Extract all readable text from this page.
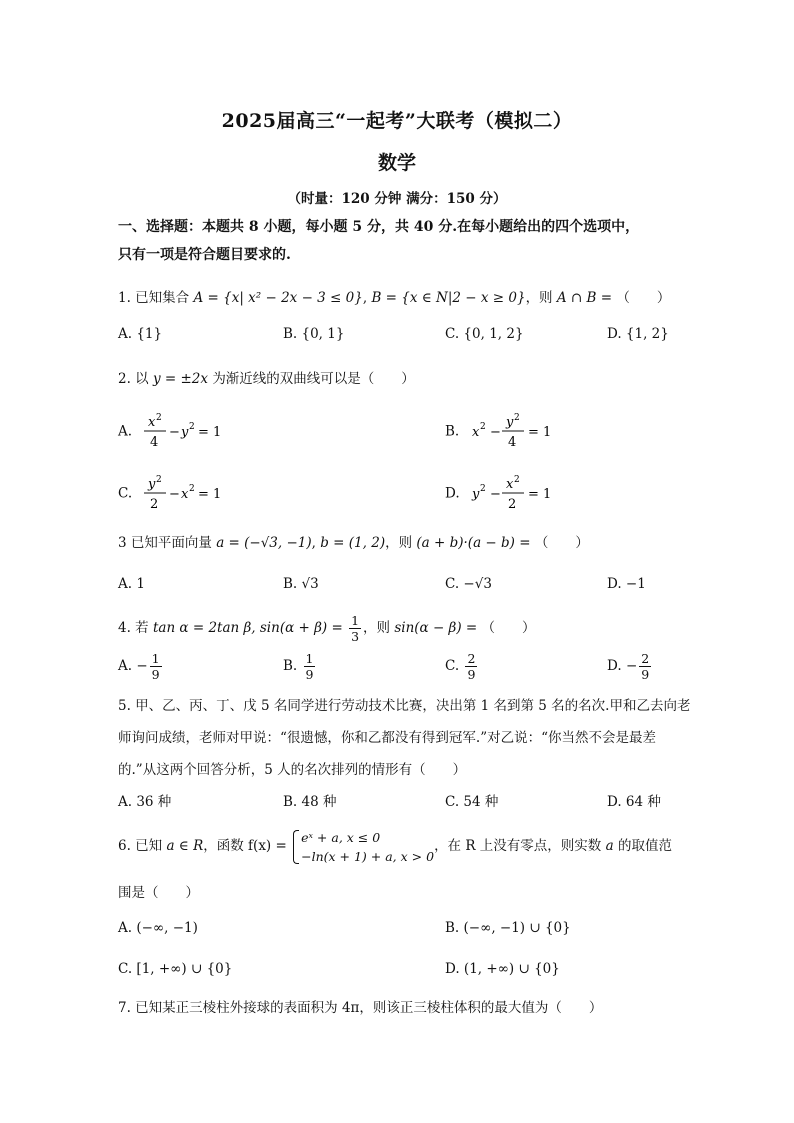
2025届高三“一起考”大联考（模拟二）
数学
（时量：120 分钟 满分：150 分）
一、选择题：本题共 8 小题，每小题 5 分，共 40 分.在每小题给出的四个选项中，
只有一项是符合题目要求的.
1. 已知集合 A = {x| x² − 2x − 3 ≤ 0}, B = {x ∈ N|2 − x ≥ 0}，则 A ∩ B = （　　）
A. {1}	B. {0, 1}	C. {0, 1, 2}	D. {1, 2}
2. 以 y = ±2x 为渐近线的双曲线可以是（　　）
A.
x 2
4
− y 2 = 1	B. x 2 −
y 2
4
= 1
C.
y 2
2
− x 2 = 1	D. y 2 −
x 2
2
= 1
3 已知平面向量 a = (−√3, −1), b = (1, 2)，则 (a + b)·(a − b) = （　　）
A. 1	B. √3	C. −√3	D. −1
4. 若 tan α = 2tan β, $\sin(\alpha + \beta) = \frac{1}{3}$ ，则 sin(α − β) = （　　）
A. − $\frac{1}{9}$	B. $\frac{1}{9}$	C. $\frac{2}{9}$	D. − $\frac{2}{9}$
5. 甲、乙、丙、丁、戊 5 名同学进行劳动技术比赛，决出第 1 名到第 5 名的名次.甲和乙去向老
师询问成绩，老师对甲说：“很遗憾，你和乙都没有得到冠军.”对乙说：“你当然不会是最差
的.”从这两个回答分析，5 人的名次排列的情形有（　　）
A. 36 种	B. 48 种	C. 54 种	D. 64 种
6. 已知 a ∈ R，函数 f(x) =
eˣ + a, x ≤ 0
−ln(x + 1) + a, x > 0
，在 R 上没有零点，则实数 a 的取值范
围是（　　）
A. (−∞, −1)	B. (−∞, −1) ∪ {0}
C. [1, +∞) ∪ {0}	D. (1, +∞) ∪ {0}
7. 已知某正三棱柱外接球的表面积为 4π，则该正三棱柱体积的最大值为（　　）
